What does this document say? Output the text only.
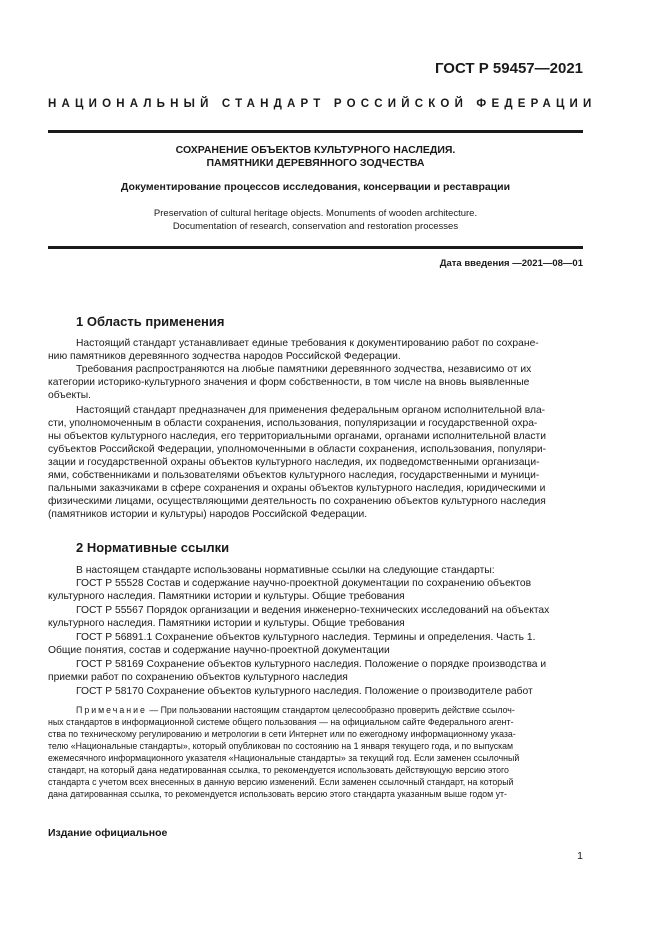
ГОСТ Р 59457—2021
НАЦИОНАЛЬНЫЙ СТАНДАРТ РОССИЙСКОЙ ФЕДЕРАЦИИ
СОХРАНЕНИЕ ОБЪЕКТОВ КУЛЬТУРНОГО НАСЛЕДИЯ.
ПАМЯТНИКИ ДЕРЕВЯННОГО ЗОДЧЕСТВА
Документирование процессов исследования, консервации и реставрации
Preservation of cultural heritage objects. Monuments of wooden architecture.
Documentation of research, conservation and restoration processes
Дата введения —2021—08—01
1 Область применения
Настоящий стандарт устанавливает единые требования к документированию работ по сохране-
нию памятников деревянного зодчества народов Российской Федерации.
Требования распространяются на любые памятники деревянного зодчества, независимо от их
категории историко-культурного значения и форм собственности, в том числе на вновь выявленные
объекты.
Настоящий стандарт предназначен для применения федеральным органом исполнительной вла-
сти, уполномоченным в области сохранения, использования, популяризации и государственной охра-
ны объектов культурного наследия, его территориальными органами, органами исполнительной власти
субъектов Российской Федерации, уполномоченными в области сохранения, использования, популяри-
зации и государственной охраны объектов культурного наследия, их подведомственными организаци-
ями, собственниками и пользователями объектов культурного наследия, государственными и муници-
пальными заказчиками в сфере сохранения и охраны объектов культурного наследия, юридическими и
физическими лицами, осуществляющими деятельность по сохранению объектов культурного наследия
(памятников истории и культуры) народов Российской Федерации.
2 Нормативные ссылки
В настоящем стандарте использованы нормативные ссылки на следующие стандарты:
ГОСТ Р 55528 Состав и содержание научно-проектной документации по сохранению объектов
культурного наследия. Памятники истории и культуры. Общие требования
ГОСТ Р 55567 Порядок организации и ведения инженерно-технических исследований на объектах
культурного наследия. Памятники истории и культуры. Общие требования
ГОСТ Р 56891.1 Сохранение объектов культурного наследия. Термины и определения. Часть 1.
Общие понятия, состав и содержание научно-проектной документации
ГОСТ Р 58169 Сохранение объектов культурного наследия. Положение о порядке производства и
приемки работ по сохранению объектов культурного наследия
ГОСТ Р 58170 Сохранение объектов культурного наследия. Положение о производителе работ
Примечание — При пользовании настоящим стандартом целесообразно проверить действие ссылоч-
ных стандартов в информационной системе общего пользования — на официальном сайте Федерального агент-
ства по техническому регулированию и метрологии в сети Интернет или по ежегодному информационному указа-
телю «Национальные стандарты», который опубликован по состоянию на 1 января текущего года, и по выпускам
ежемесячного информационного указателя «Национальные стандарты» за текущий год. Если заменен ссылочный
стандарт, на который дана недатированная ссылка, то рекомендуется использовать действующую версию этого
стандарта с учетом всех внесенных в данную версию изменений. Если заменен ссылочный стандарт, на который
дана датированная ссылка, то рекомендуется использовать версию этого стандарта указанным выше годом ут-
Издание официальное
1
